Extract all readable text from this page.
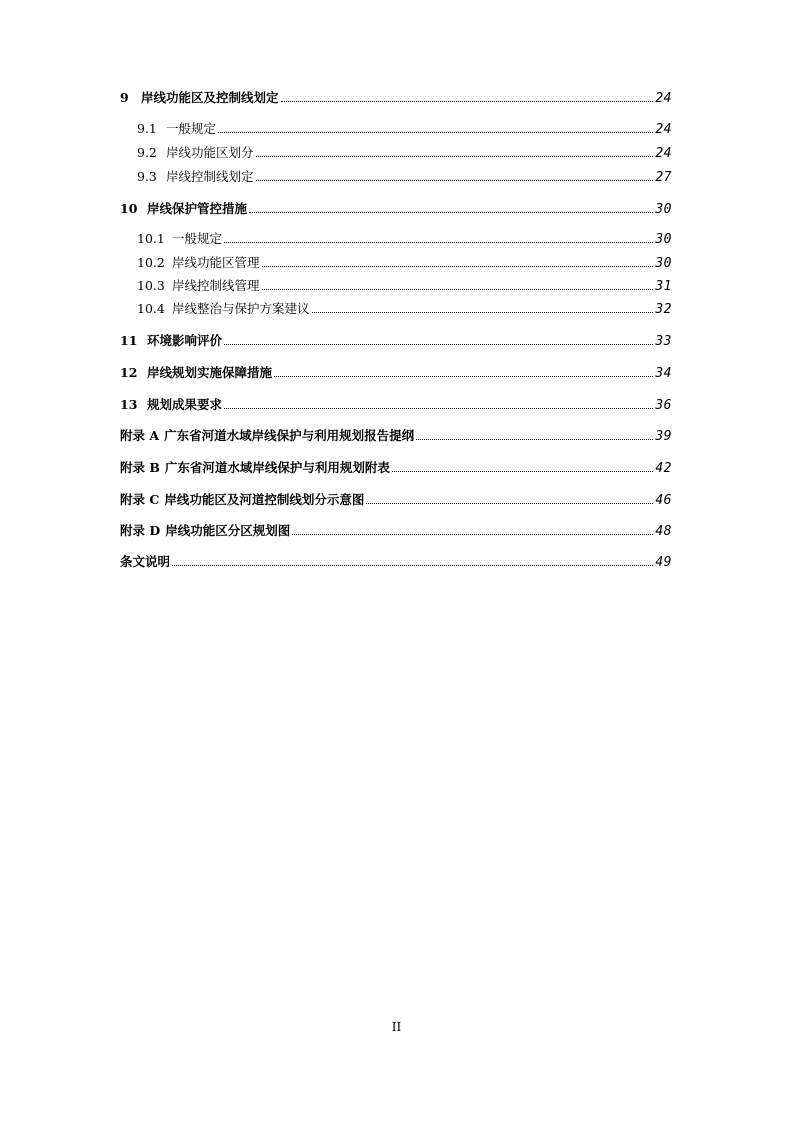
9 岸线功能区及控制线划定	24
9.1 一般规定	24
9.2 岸线功能区划分	24
9.3 岸线控制线划定	27
10 岸线保护管控措施	30
10.1 一般规定	30
10.2 岸线功能区管理	30
10.3 岸线控制线管理	31
10.4 岸线整治与保护方案建议	32
11 环境影响评价	33
12 岸线规划实施保障措施	34
13 规划成果要求	36
附录 A 广东省河道水域岸线保护与利用规划报告提纲	39
附录 B 广东省河道水域岸线保护与利用规划附表	42
附录 C 岸线功能区及河道控制线划分示意图	46
附录 D 岸线功能区分区规划图	48
条文说明	49
II
